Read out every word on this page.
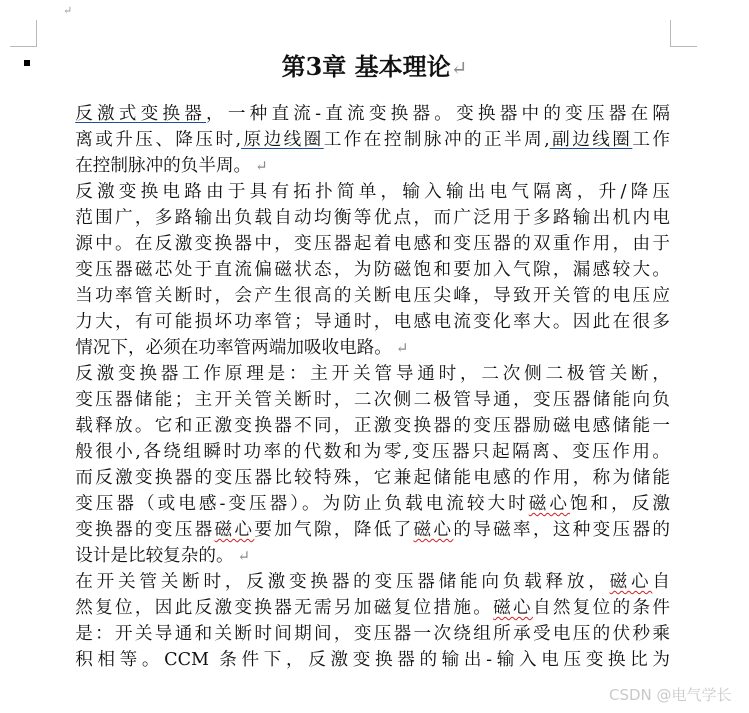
↵
第3章 基本理论↵

反激式变换器，一种直流-直流变换器。变换器中的变压器在隔
离或升压、降压时,原边线圈工作在控制脉冲的正半周,副边线圈工作
在控制脉冲的负半周。 ↵

反激变换电路由于具有拓扑简单，输入输出电气隔离，升/降压
范围广，多路输出负载自动均衡等优点，而广泛用于多路输出机内电
源中。在反激变换器中，变压器起着电感和变压器的双重作用，由于
变压器磁芯处于直流偏磁状态，为防磁饱和要加入气隙，漏感较大。
当功率管关断时，会产生很高的关断电压尖峰，导致开关管的电压应
力大，有可能损坏功率管；导通时，电感电流变化率大。因此在很多
情况下，必须在功率管两端加吸收电路。 ↵

反激变换器工作原理是：主开关管导通时，二次侧二极管关断，
变压器储能；主开关管关断时，二次侧二极管导通，变压器储能向负
载释放。它和正激变换器不同，正激变换器的变压器励磁电感储能一
般很小,各绕组瞬时功率的代数和为零,变压器只起隔离、变压作用。
而反激变换器的变压器比较特殊，它兼起储能电感的作用，称为储能
变压器（或电感-变压器）。为防止负载电流较大时磁心饱和，反激
变换器的变压器磁心要加气隙，降低了磁心的导磁率，这种变压器的
设计是比较复杂的。 ↵

在开关管关断时，反激变换器的变压器储能向负载释放，磁心自
然复位，因此反激变换器无需另加磁复位措施。磁心自然复位的条件
是：开关导通和关断时间期间，变压器一次绕组所承受电压的伏秒乘
积相等。CCM 条件下，反激变换器的输出-输入电压变换比为

CSDN @电气学长
